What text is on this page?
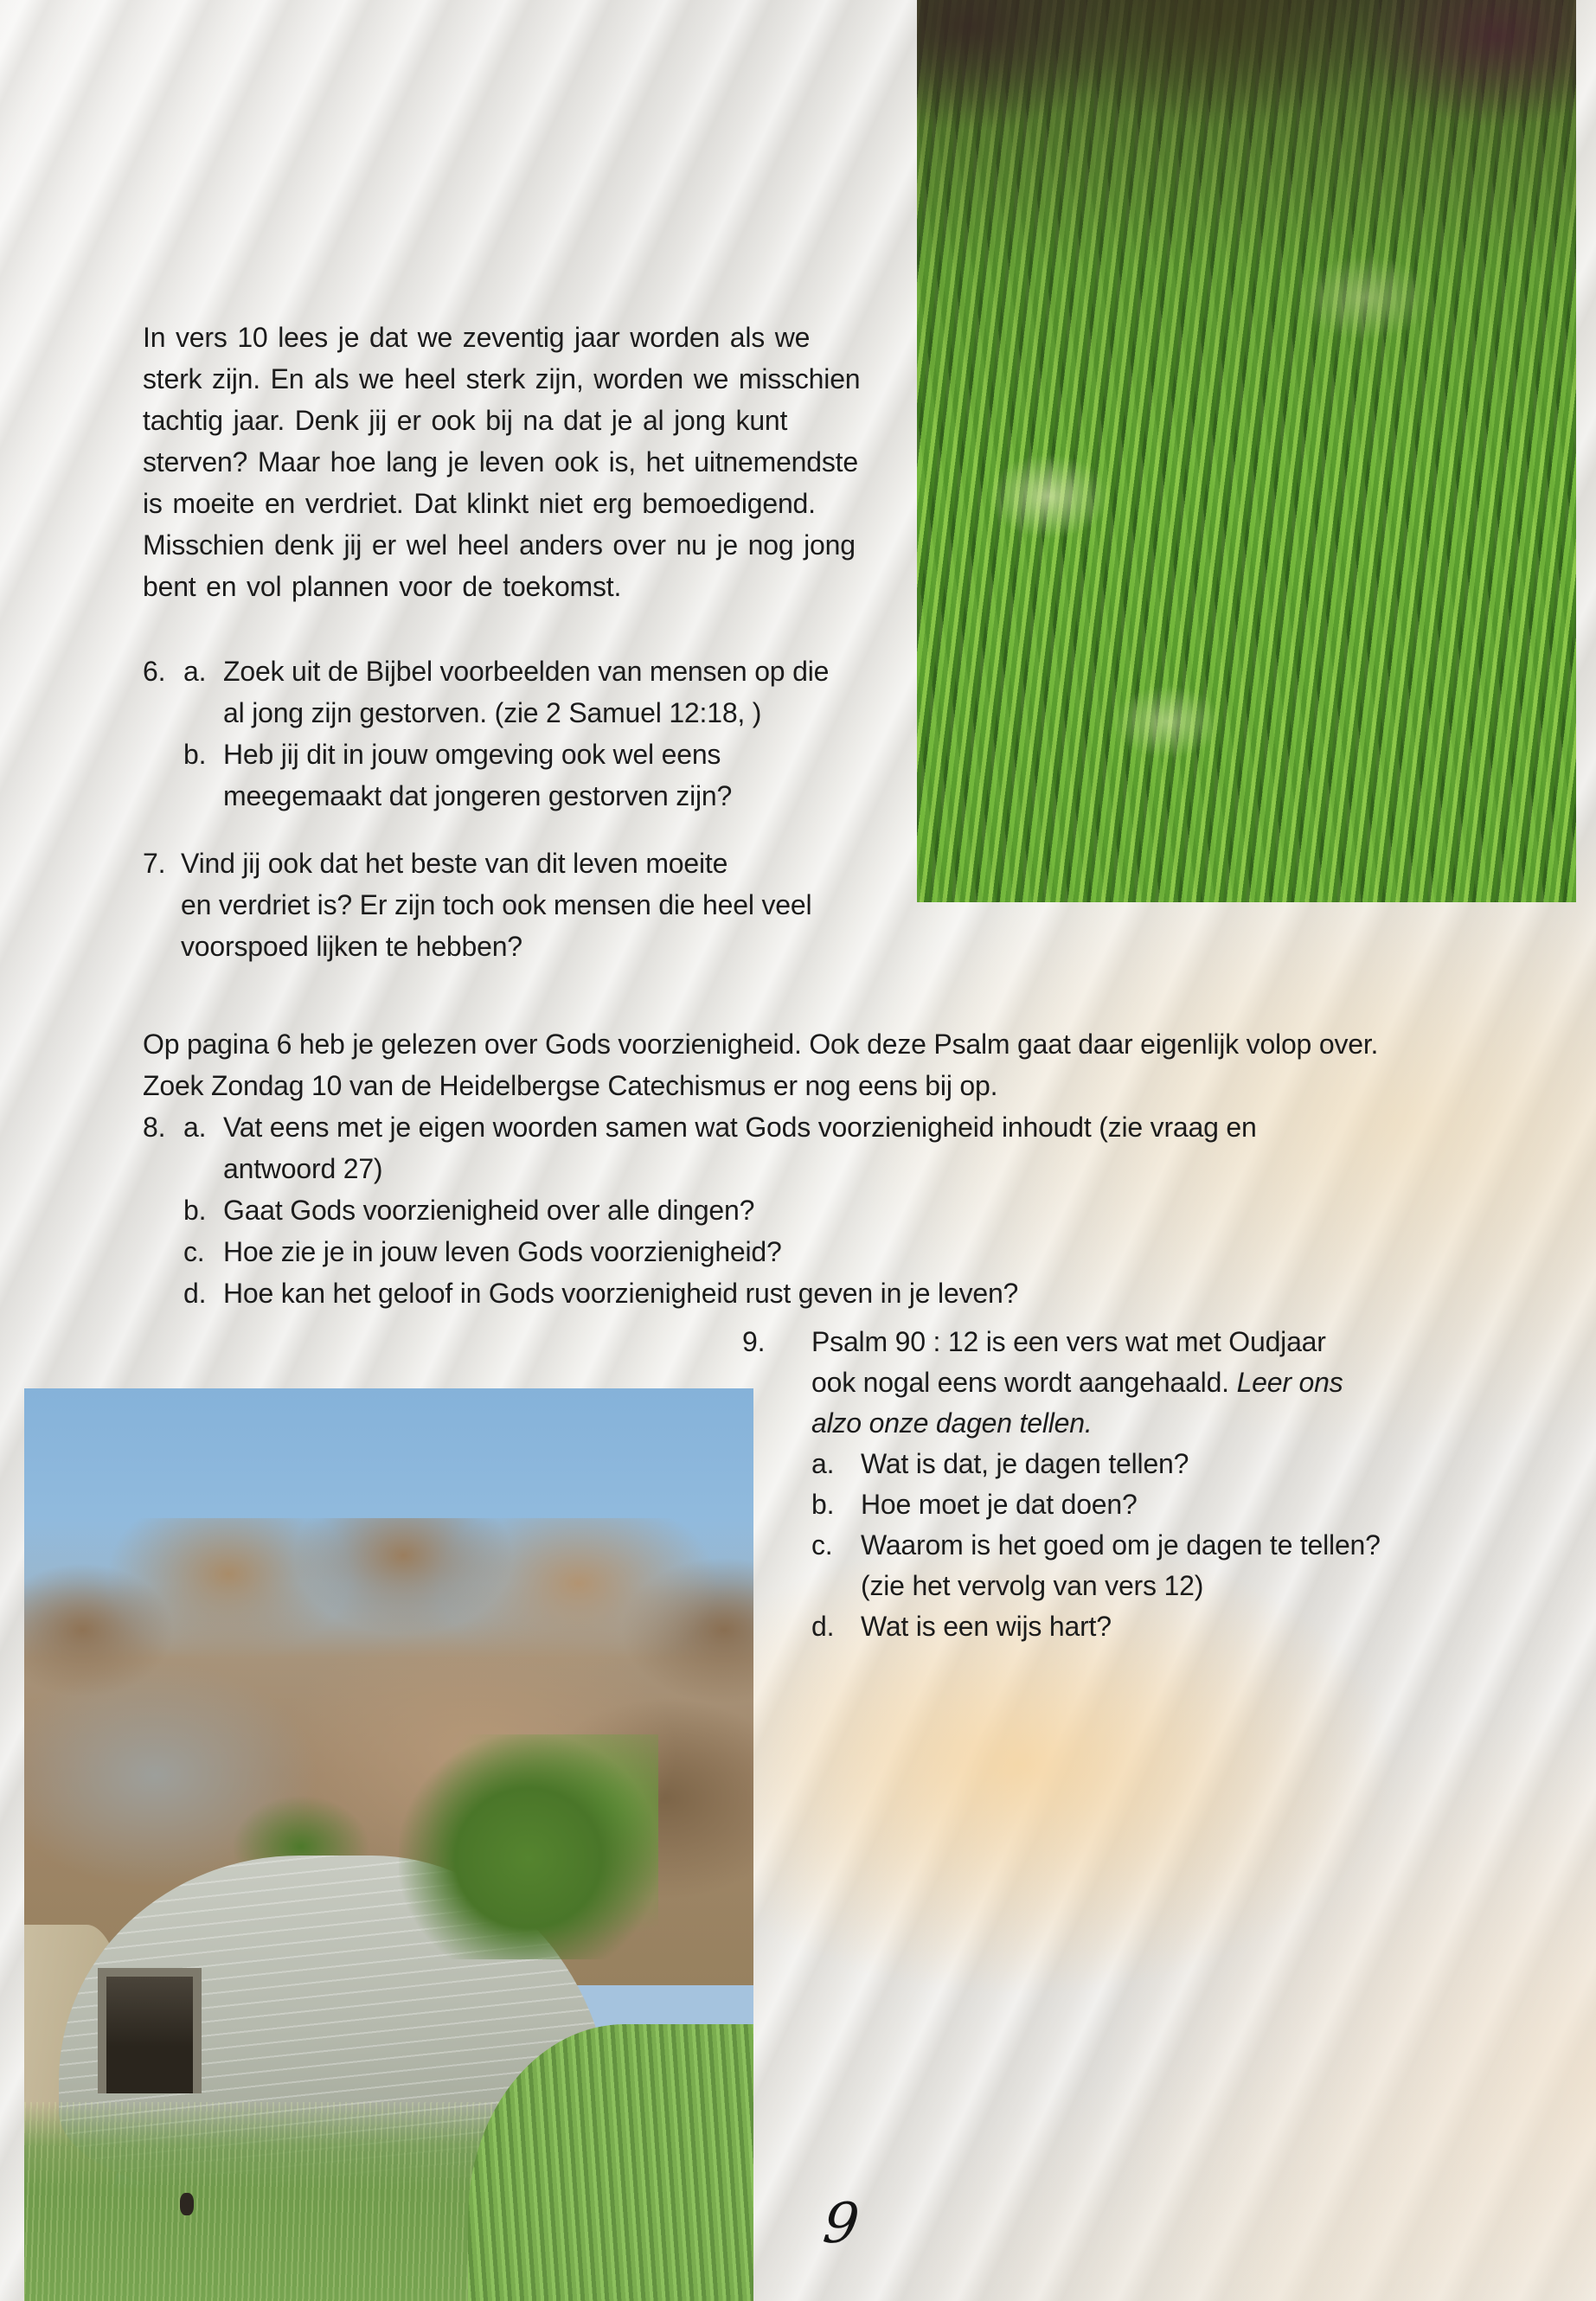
In vers 10 lees je dat we zeventig jaar worden als we
sterk zijn. En als we heel sterk zijn, worden we misschien
tachtig jaar. Denk jij er ook bij na dat je al jong kunt
sterven? Maar hoe lang je leven ook is, het uitnemendste
is moeite en verdriet. Dat klinkt niet erg bemoedigend.
Misschien denk jij er wel heel anders over nu je nog jong
bent en vol plannen voor de toekomst.
6. a. Zoek uit de Bijbel voorbeelden van mensen op die
al jong zijn gestorven. (zie 2 Samuel 12:18, )
b. Heb jij dit in jouw omgeving ook wel eens
meegemaakt dat jongeren gestorven zijn?
7. Vind jij ook dat het beste van dit leven moeite
en verdriet is? Er zijn toch ook mensen die heel veel
voorspoed lijken te hebben?
Op pagina 6 heb je gelezen over Gods voorzienigheid. Ook deze Psalm gaat daar eigenlijk volop over.
Zoek Zondag 10 van de Heidelbergse Catechismus er nog eens bij op.
8. a. Vat eens met je eigen woorden samen wat Gods voorzienigheid inhoudt (zie vraag en
antwoord 27)
b. Gaat Gods voorzienigheid over alle dingen?
c. Hoe zie je in jouw leven Gods voorzienigheid?
d. Hoe kan het geloof in Gods voorzienigheid rust geven in je leven?
9.	Psalm 90 : 12 is een vers wat met Oudjaar
ook nogal eens wordt aangehaald. Leer ons
alzo onze dagen tellen.
a. Wat is dat, je dagen tellen?
b. Hoe moet je dat doen?
c.	Waarom is het goed om je dagen te tellen?
(zie het vervolg van vers 12)
d. Wat is een wijs hart?
9
